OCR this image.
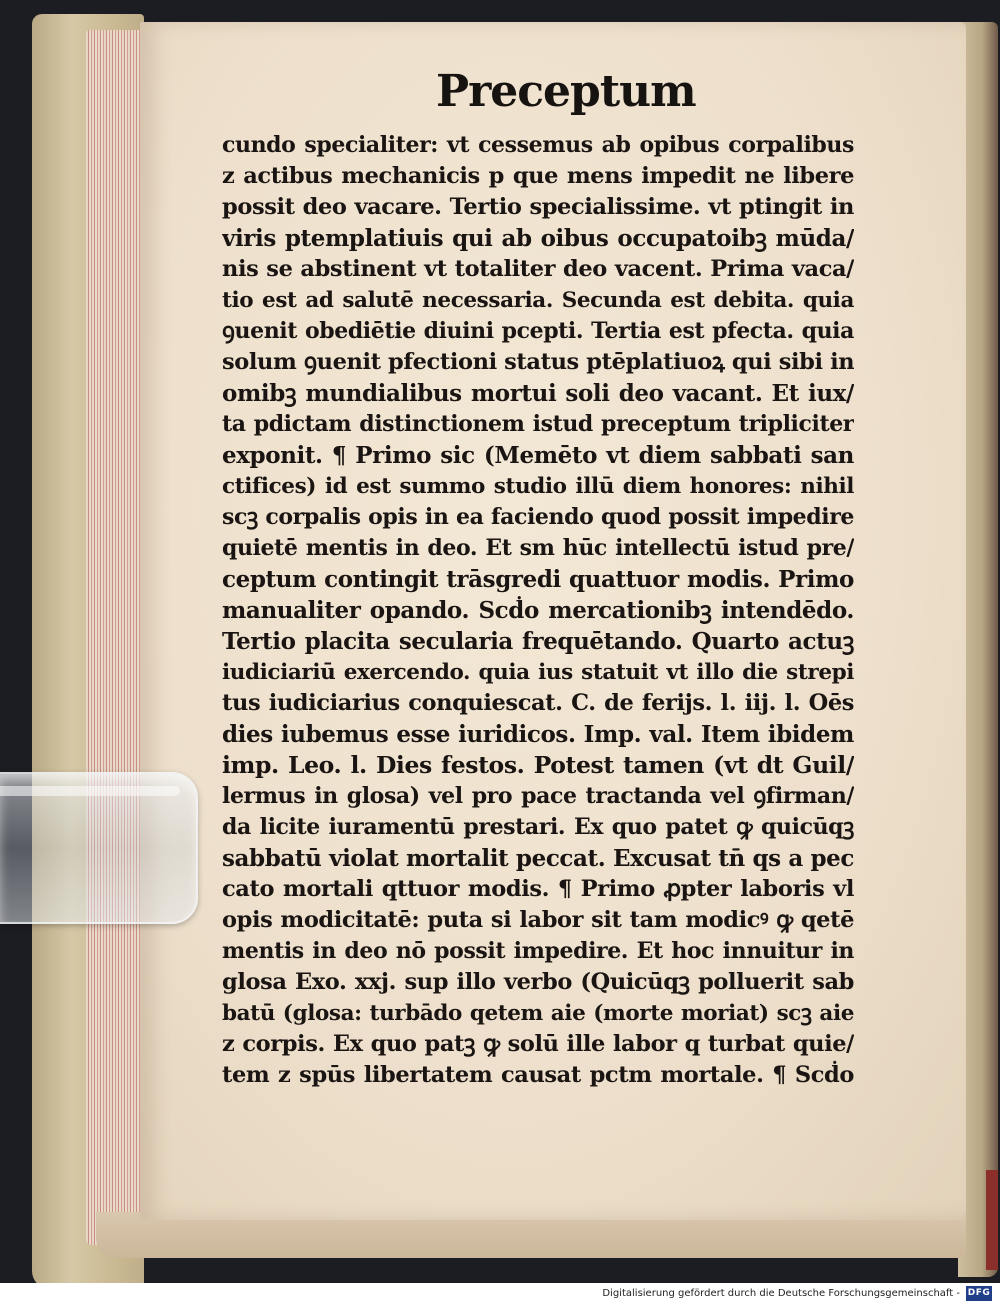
Preceptum
cundo specialiter: vt cessemus ab opibus corpalibus
z actibus mechanicis p que mens impedit ne libere
possit deo vacare. Tertio specialissime. vt ptingit in
viris ptemplatiuis qui ab oibus occupatoibꝫ mūda/
nis se abstinent vt totaliter deo vacent. Prima vaca/
tio est ad salutē necessaria. Secunda est debita. quia
ꝯuenit obediētie diuini pcepti. Tertia est pfecta. quia
solum ꝯuenit pfectioni status ptēplatiuoꝝ qui sibi in
omibꝫ mundialibus mortui soli deo vacant. Et iux/
ta pdictam distinctionem istud preceptum tripliciter
exponit. ¶ Primo sic (Memēto vt diem sabbati san
ctifices) id est summo studio illū diem honores: nihil
scꝫ corpalis opis in ea faciendo quod possit impedire
quietē mentis in deo. Et sm hūc intellectū istud pre/
ceptum contingit trāsgredi quattuor modis. Primo
manualiter opando. Scḋo mercationibꝫ intendēdo.
Tertio placita secularia frequētando. Quarto actuꝫ
iudiciariū exercendo. quia ius statuit vt illo die strepi
tus iudiciarius conquiescat. C. de ferijs. l. iij. l. Oēs
dies iubemus esse iuridicos. Imp. val. Item ibidem
imp. Leo. l. Dies festos. Potest tamen (vt dt Guil/
lermus in glosa) vel pro pace tractanda vel ꝯfirman/
da licite iuramentū prestari. Ex quo patet ꝙ quicūqꝫ
sabbatū violat mortalit peccat. Excusat tn̄ qs a pec
cato mortali qttuor modis. ¶ Primo ꝓpter laboris vl
opis modicitatē: puta si labor sit tam modicꝰ ꝙ qetē
mentis in deo nō possit impedire. Et hoc innuitur in
glosa Exo. xxj. sup illo verbo (Quicūqꝫ polluerit sab
batū (glosa: turbādo qetem aie (morte moriat) scꝫ aie
z corpis. Ex quo patꝫ ꝙ solū ille labor q turbat quie/
tem z spūs libertatem causat pctm mortale. ¶ Scḋo
Digitalisierung gefördert durch die Deutsche Forschungsgemeinschaft - DFG
